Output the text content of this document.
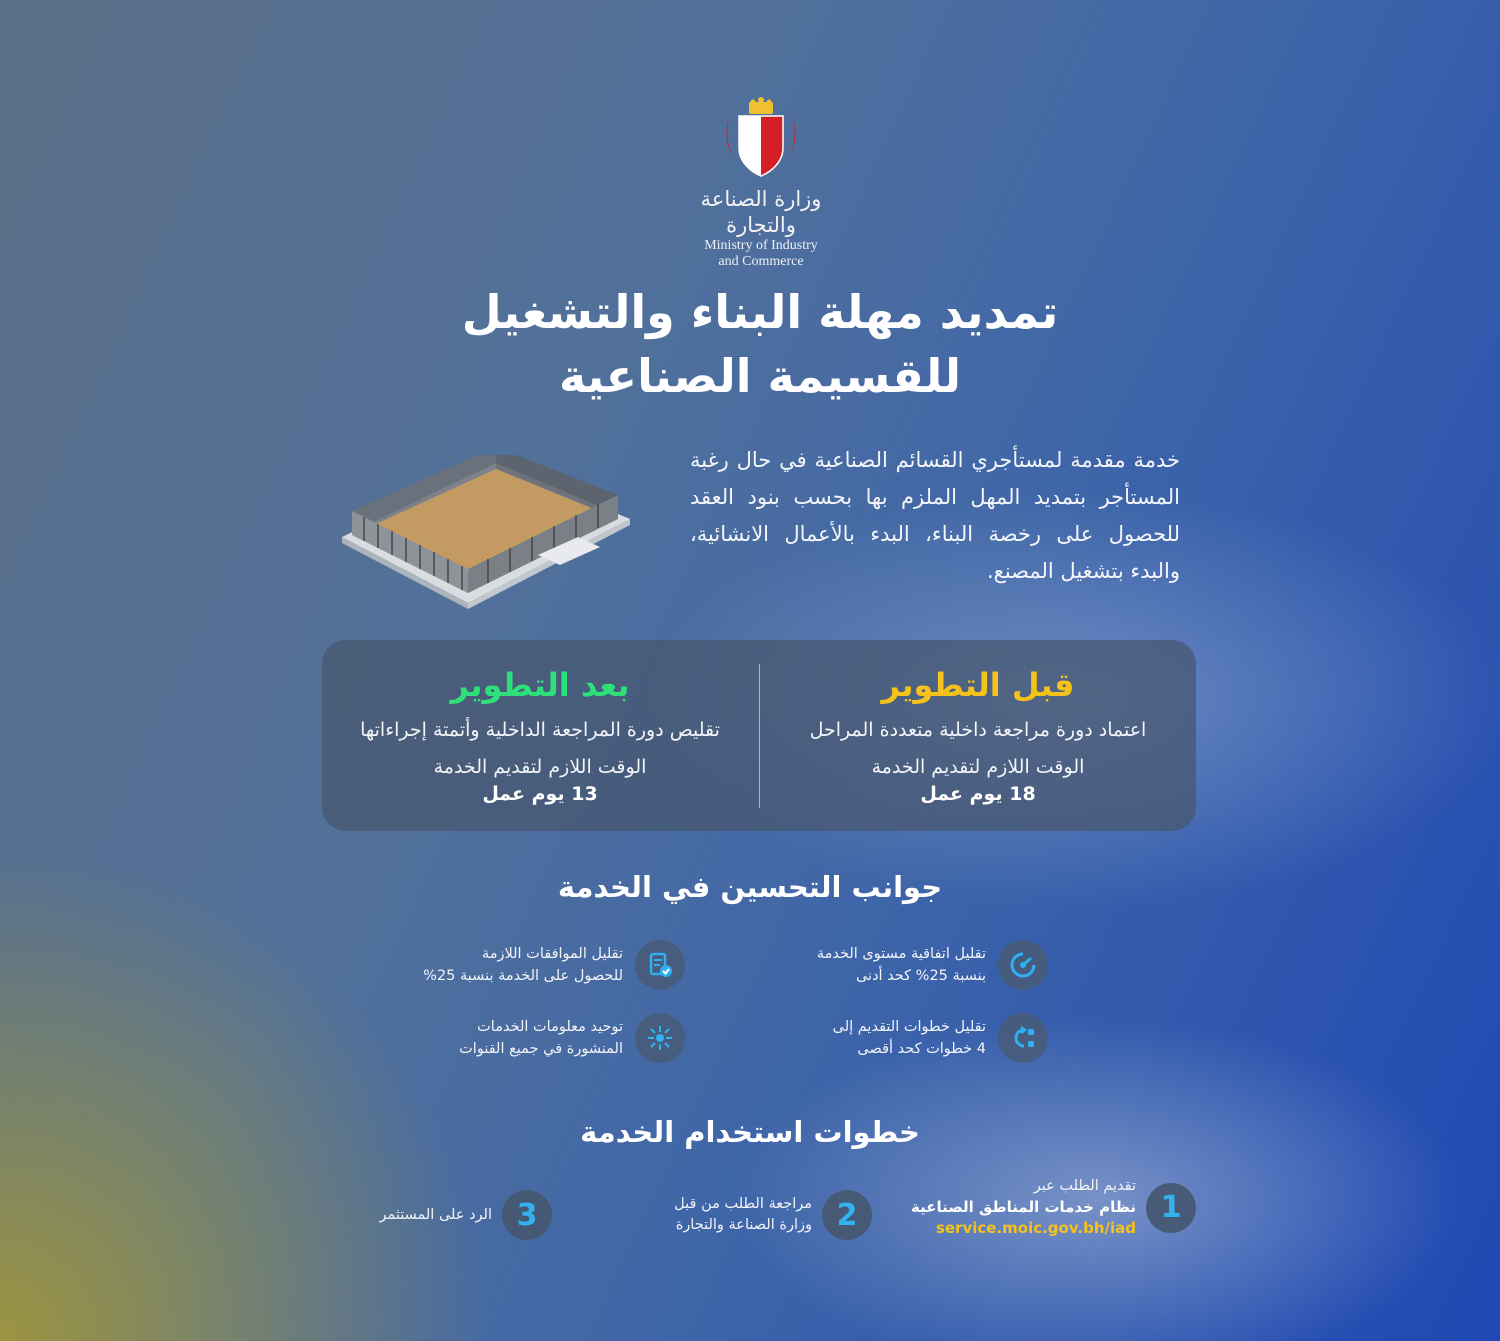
وزارة الصناعة والتجارة
Ministry of Industry
and Commerce
تمديد مهلة البناء والتشغيل
للقسيمة الصناعية
خدمة مقدمة لمستأجري القسائم الصناعية في حال رغبة المستأجر بتمديد المهل الملزم بها بحسب بنود العقد للحصول على رخصة البناء، البدء بالأعمال الانشائية، والبدء بتشغيل المصنع.
قبل التطوير
اعتماد دورة مراجعة داخلية متعددة المراحل
الوقت اللازم لتقديم الخدمة
18 يوم عمل
بعد التطوير
تقليص دورة المراجعة الداخلية وأتمتة إجراءاتها
الوقت اللازم لتقديم الخدمة
13 يوم عمل
جوانب التحسين في الخدمة
تقليل اتفاقية مستوى الخدمة
بنسبة 25% كحد أدنى
تقليل الموافقات اللازمة
للحصول على الخدمة بنسبة 25%
تقليل خطوات التقديم إلى
4 خطوات كحد أقصى
توحيد معلومات الخدمات
المنشورة في جميع القنوات
خطوات استخدام الخدمة
1
تقديم الطلب عبر
نظام خدمات المناطق الصناعية
service.moic.gov.bh/iad
2
مراجعة الطلب من قبل
وزارة الصناعة والتجارة
3
الرد على المستثمر
